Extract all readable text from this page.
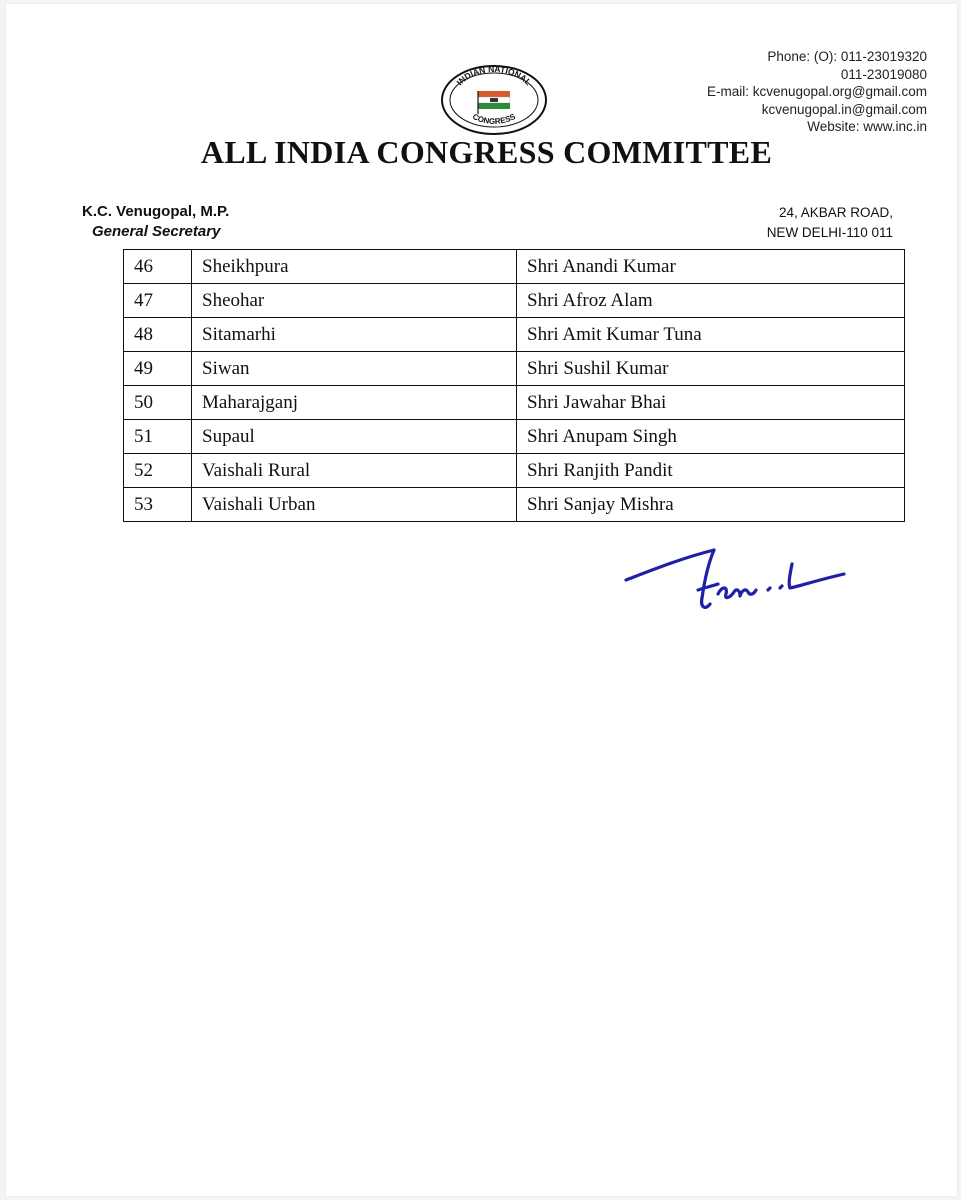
INDIAN NATIONAL
CONGRESS
Phone: (O): 011-23019320
011-23019080
E-mail: kcvenugopal.org@gmail.com
kcvenugopal.in@gmail.com
Website: www.inc.in
ALL INDIA CONGRESS COMMITTEE
K.C. Venugopal, M.P.
General Secretary
24, AKBAR ROAD,
NEW DELHI-110 011
46	Sheikhpura	Shri Anandi Kumar
47	Sheohar	Shri Afroz Alam
48	Sitamarhi	Shri Amit Kumar Tuna
49	Siwan	Shri Sushil Kumar
50	Maharajganj	Shri Jawahar Bhai
51	Supaul	Shri Anupam Singh
52	Vaishali Rural	Shri Ranjith Pandit
53	Vaishali Urban	Shri Sanjay Mishra
